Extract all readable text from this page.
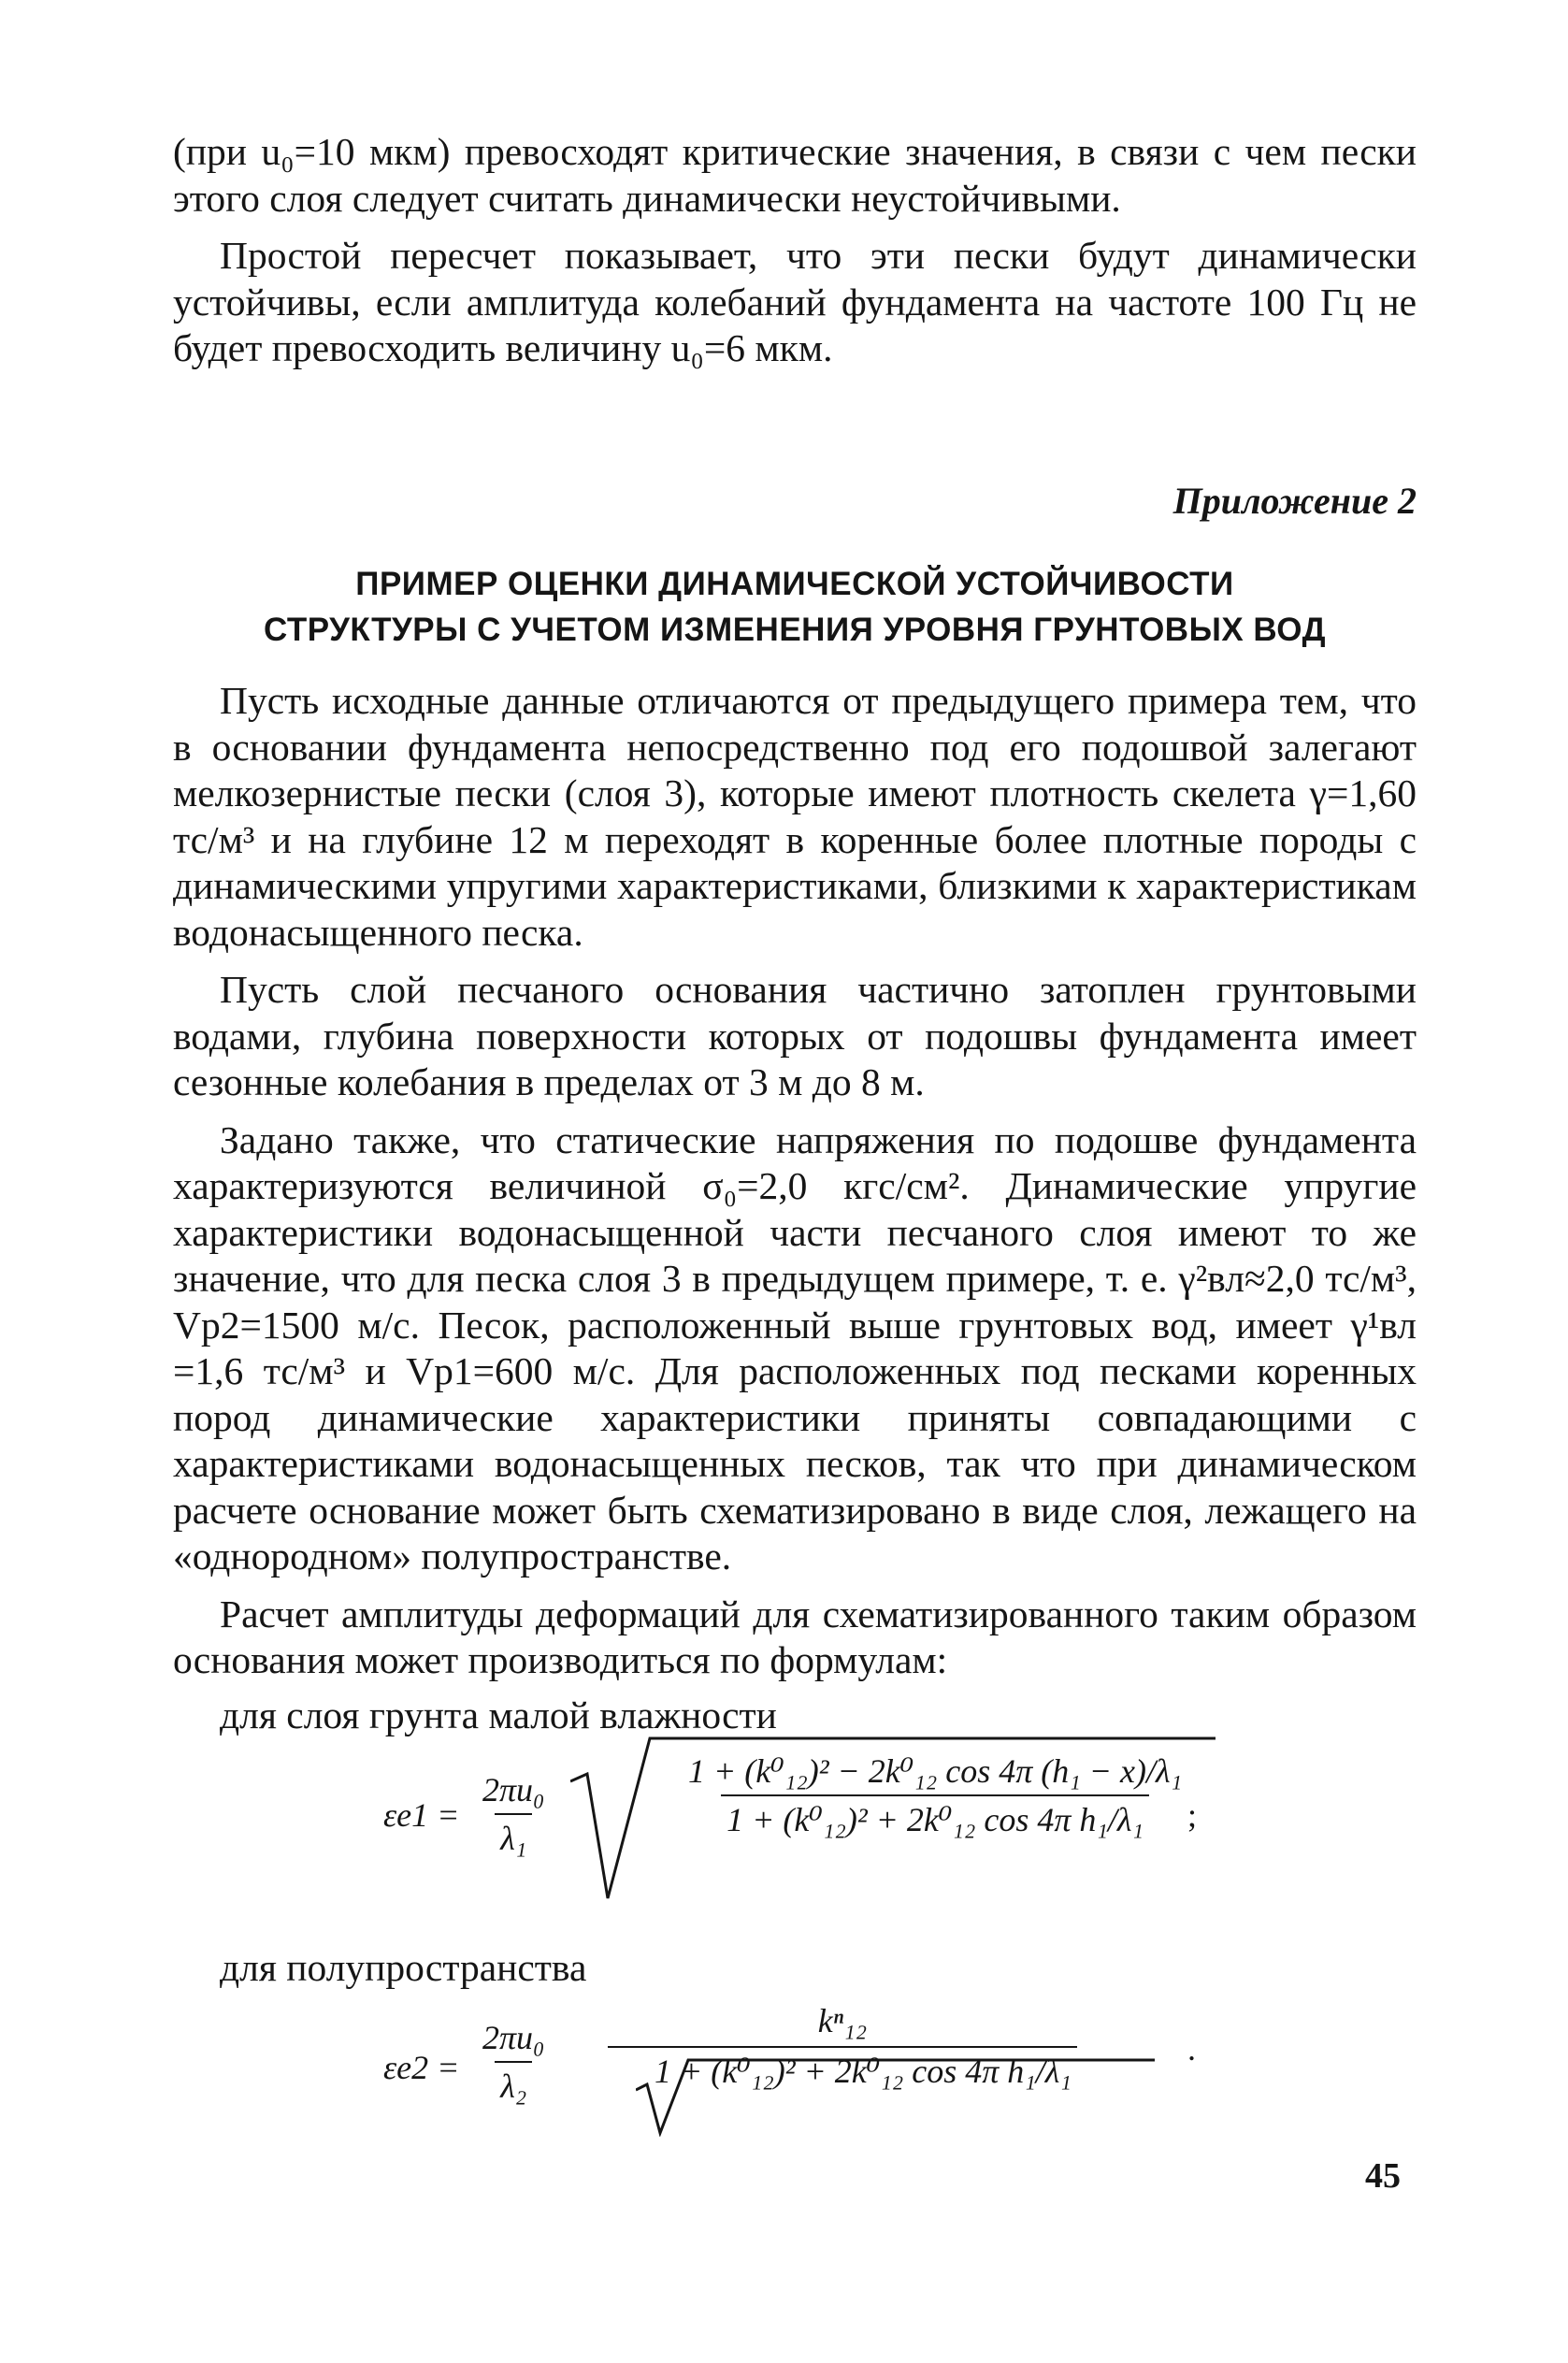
(при u₀=10 мкм) превосходят критические значения, в связи с чем пески этого слоя следует считать динамически неустойчивыми.

Простой пересчет показывает, что эти пески будут динамически устойчивы, если амплитуда колебаний фундамента на частоте 100 Гц не будет превосходить величину u₀=6 мкм.

Приложение 2
ПРИМЕР ОЦЕНКИ ДИНАМИЧЕСКОЙ УСТОЙЧИВОСТИ
СТРУКТУРЫ С УЧЕТОМ ИЗМЕНЕНИЯ УРОВНЯ ГРУНТОВЫХ ВОД

Пусть исходные данные отличаются от предыдущего примера тем, что в основании фундамента непосредственно под его подошвой залегают мелкозернистые пески (слоя 3), которые имеют плотность скелета γ=1,60 тс/м³ и на глубине 12 м переходят в коренные более плотные породы с динамическими упругими характеристиками, близкими к характеристикам водонасыщенного песка.

Пусть слой песчаного основания частично затоплен грунтовыми водами, глубина поверхности которых от подошвы фундамента имеет сезонные колебания в пределах от 3 м до 8 м.

Задано также, что статические напряжения по подошве фундамента характеризуются величиной σ₀=2,0 кгс/см². Динамические упругие характеристики водонасыщенной части песчаного слоя имеют то же значение, что для песка слоя 3 в предыдущем примере, т. е. γ²вл≈2,0 тс/м³, Vp2=1500 м/с. Песок, расположенный выше грунтовых вод, имеет γ¹вл =1,6 тс/м³ и Vp1=600 м/с. Для расположенных под песками коренных пород динамические характеристики приняты совпадающими с характеристиками водонасыщенных песков, так что при динамическом расчете основание может быть схематизировано в виде слоя, лежащего на «однородном» полупространстве.

Расчет амплитуды деформаций для схематизированного таким образом основания может производиться по формулам:

для слоя грунта малой влажности
$\varepsilon e1 = \frac{\text{2πu₀}}{\text{λ₁}}$	$\frac{\text{1 + (k⁰₁₂)² − 2k⁰₁₂ cos 4π (h₁ − x)/λ₁}}{\text{1 + (k⁰₁₂)² + 2k⁰₁₂ cos 4π h₁/λ₁}}$ ;
для полупространства
$\varepsilon e2 = \frac{\text{2πu₀}}{\text{λ₂}} \frac{\text{kⁿ₁₂}}{\text{1 + (k⁰₁₂)² + 2k⁰₁₂ cos 4π h₁/λ₁}}$	.
45
